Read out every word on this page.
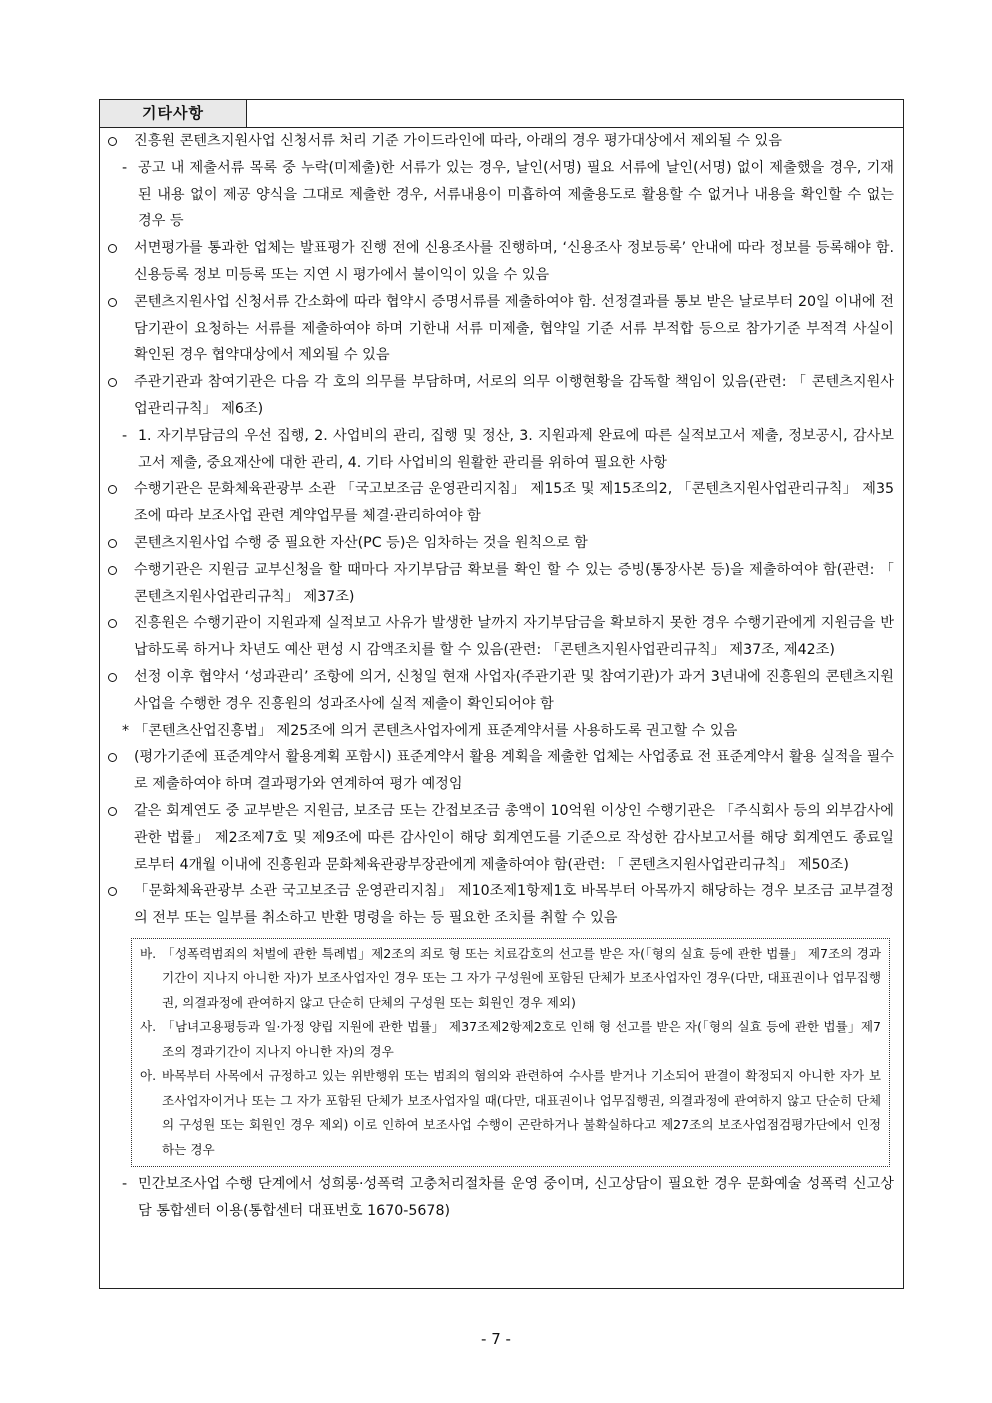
기타사항
진흥원 콘텐츠지원사업 신청서류 처리 기준 가이드라인에 따라, 아래의 경우 평가대상에서 제외될 수 있음
- 공고 내 제출서류 목록 중 누락(미제출)한 서류가 있는 경우, 날인(서명) 필요 서류에 날인(서명) 없이 제출했을 경우, 기재된 내용 없이 제공 양식을 그대로 제출한 경우, 서류내용이 미흡하여 제출용도로 활용할 수 없거나 내용을 확인할 수 없는 경우 등
서면평가를 통과한 업체는 발표평가 진행 전에 신용조사를 진행하며, ‘신용조사 정보등록’ 안내에 따라 정보를 등록해야 함. 신용등록 정보 미등록 또는 지연 시 평가에서 불이익이 있을 수 있음
콘텐츠지원사업 신청서류 간소화에 따라 협약시 증명서류를 제출하여야 함. 선정결과를 통보 받은 날로부터 20일 이내에 전담기관이 요청하는 서류를 제출하여야 하며 기한내 서류 미제출, 협약일 기준 서류 부적합 등으로 참가기준 부적격 사실이 확인된 경우 협약대상에서 제외될 수 있음
주관기관과 참여기관은 다음 각 호의 의무를 부담하며, 서로의 의무 이행현황을 감독할 책임이 있음(관련: 「 콘텐츠지원사업관리규칙」 제6조)
- 1. 자기부담금의 우선 집행, 2. 사업비의 관리, 집행 및 정산, 3. 지원과제 완료에 따른 실적보고서 제출, 정보공시, 감사보고서 제출, 중요재산에 대한 관리, 4. 기타 사업비의 원활한 관리를 위하여 필요한 사항
수행기관은 문화체육관광부 소관 「국고보조금 운영관리지침」 제15조 및 제15조의2, 「콘텐츠지원사업관리규칙」 제35조에 따라 보조사업 관련 계약업무를 체결·관리하여야 함
콘텐츠지원사업 수행 중 필요한 자산(PC 등)은 임차하는 것을 원칙으로 함
수행기관은 지원금 교부신청을 할 때마다 자기부담금 확보를 확인 할 수 있는 증빙(통장사본 등)을 제출하여야 함(관련: 「 콘텐츠지원사업관리규칙」 제37조)
진흥원은 수행기관이 지원과제 실적보고 사유가 발생한 날까지 자기부담금을 확보하지 못한 경우 수행기관에게 지원금을 반납하도록 하거나 차년도 예산 편성 시 감액조치를 할 수 있음(관련: 「콘텐츠지원사업관리규칙」 제37조, 제42조)
선정 이후 협약서 ‘성과관리’ 조항에 의거, 신청일 현재 사업자(주관기관 및 참여기관)가 과거 3년내에 진흥원의 콘텐츠지원사업을 수행한 경우 진흥원의 성과조사에 실적 제출이 확인되어야 함
* 「콘텐츠산업진흥법」 제25조에 의거 콘텐츠사업자에게 표준계약서를 사용하도록 권고할 수 있음
(평가기준에 표준계약서 활용계획 포함시) 표준계약서 활용 계획을 제출한 업체는 사업종료 전 표준계약서 활용 실적을 필수로 제출하여야 하며 결과평가와 연계하여 평가 예정임
같은 회계연도 중 교부받은 지원금, 보조금 또는 간접보조금 총액이 10억원 이상인 수행기관은 「주식회사 등의 외부감사에 관한 법률」 제2조제7호 및 제9조에 따른 감사인이 해당 회계연도를 기준으로 작성한 감사보고서를 해당 회계연도 종료일로부터 4개월 이내에 진흥원과 문화체육관광부장관에게 제출하여야 함(관련: 「 콘텐츠지원사업관리규칙」 제50조)
「문화체육관광부 소관 국고보조금 운영관리지침」 제10조제1항제1호 바목부터 아목까지 해당하는 경우 보조금 교부결정의 전부 또는 일부를 취소하고 반환 명령을 하는 등 필요한 조치를 취할 수 있음
바. 「성폭력범죄의 처벌에 관한 특례법」제2조의 죄로 형 또는 치료감호의 선고를 받은 자(「형의 실효 등에 관한 법률」 제7조의 경과 기간이 지나지 아니한 자)가 보조사업자인 경우 또는 그 자가 구성원에 포함된 단체가 보조사업자인 경우(다만, 대표권이나 업무집행권, 의결과정에 관여하지 않고 단순히 단체의 구성원 또는 회원인 경우 제외)
사. 「남녀고용평등과 일·가정 양립 지원에 관한 법률」 제37조제2항제2호로 인해 형 선고를 받은 자(「형의 실효 등에 관한 법률」제7조의 경과기간이 지나지 아니한 자)의 경우
아. 바목부터 사목에서 규정하고 있는 위반행위 또는 범죄의 혐의와 관련하여 수사를 받거나 기소되어 판결이 확정되지 아니한 자가 보조사업자이거나 또는 그 자가 포함된 단체가 보조사업자일 때(다만, 대표권이나 업무집행권, 의결과정에 관여하지 않고 단순히 단체의 구성원 또는 회원인 경우 제외) 이로 인하여 보조사업 수행이 곤란하거나 불확실하다고 제27조의 보조사업점검평가단에서 인정하는 경우
- 민간보조사업 수행 단계에서 성희롱·성폭력 고충처리절차를 운영 중이며, 신고상담이 필요한 경우 문화예술 성폭력 신고상담 통합센터 이용(통합센터 대표번호 1670-5678)
- 7 -
